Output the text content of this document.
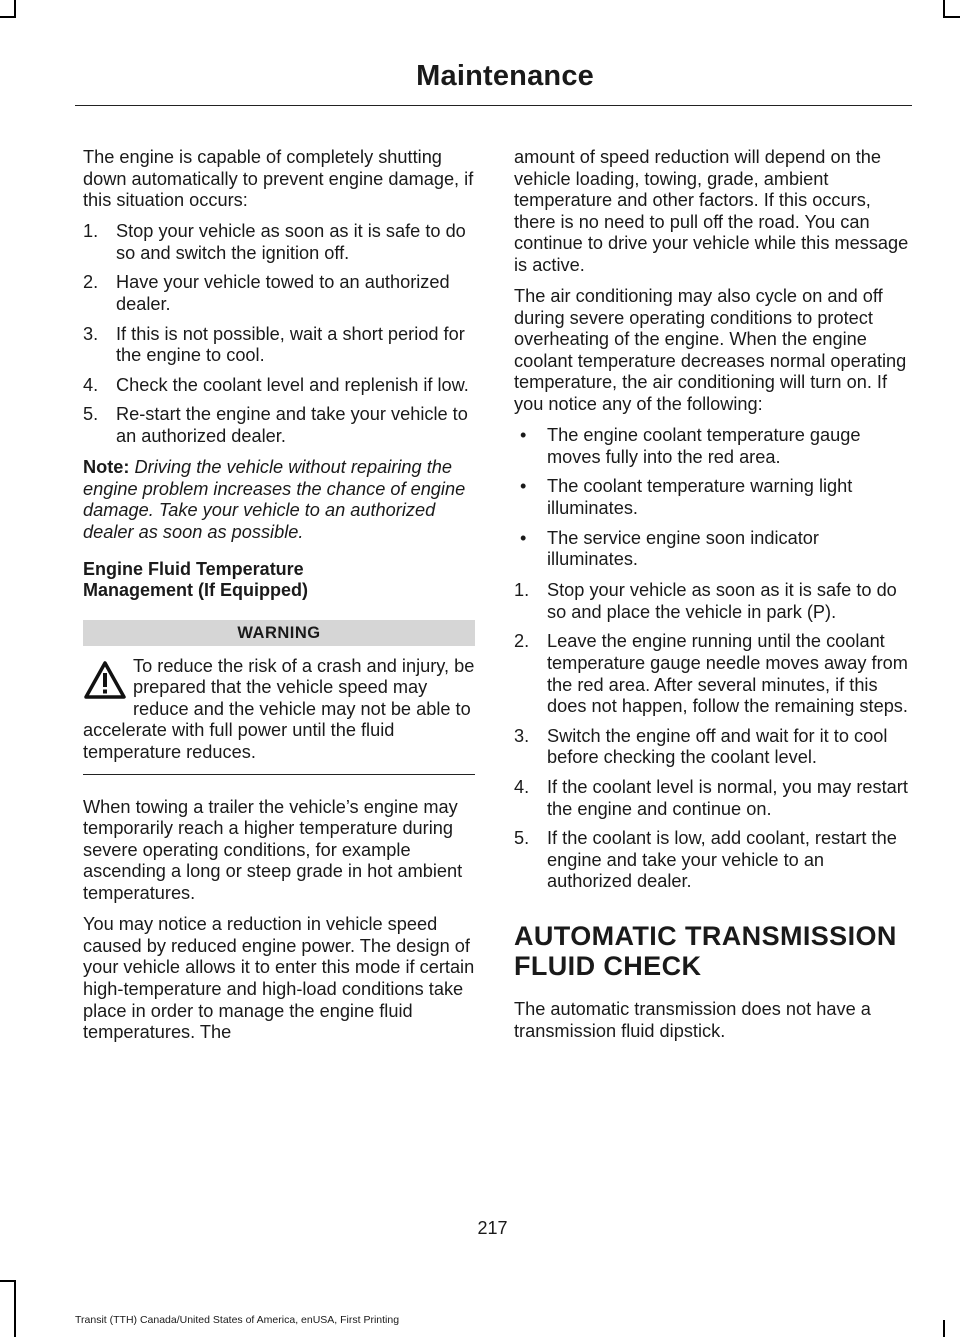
Maintenance

The engine is capable of completely shutting down automatically to prevent engine damage, if this situation occurs:

1. Stop your vehicle as soon as it is safe to do so and switch the ignition off.
2. Have your vehicle towed to an authorized dealer.
3. If this is not possible, wait a short period for the engine to cool.
4. Check the coolant level and replenish if low.
5. Re-start the engine and take your vehicle to an authorized dealer.

Note: Driving the vehicle without repairing the engine problem increases the chance of engine damage. Take your vehicle to an authorized dealer as soon as possible.

Engine Fluid Temperature
Management (If Equipped)
WARNING
To reduce the risk of a crash and injury, be prepared that the vehicle speed may reduce and the vehicle may not be able to accelerate with full power until the fluid temperature reduces.

When towing a trailer the vehicle’s engine may temporarily reach a higher temperature during severe operating conditions, for example ascending a long or steep grade in hot ambient temperatures.

You may notice a reduction in vehicle speed caused by reduced engine power. The design of your vehicle allows it to enter this mode if certain high-temperature and high-load conditions take place in order to manage the engine fluid temperatures. The

amount of speed reduction will depend on the vehicle loading, towing, grade, ambient temperature and other factors. If this occurs, there is no need to pull off the road. You can continue to drive your vehicle while this message is active.

The air conditioning may also cycle on and off during severe operating conditions to protect overheating of the engine. When the engine coolant temperature decreases normal operating temperature, the air conditioning will turn on. If you notice any of the following:

• The engine coolant temperature gauge moves fully into the red area.
• The coolant temperature warning light illuminates.
• The service engine soon indicator illuminates.
1. Stop your vehicle as soon as it is safe to do so and place the vehicle in park (P).
2. Leave the engine running until the coolant temperature gauge needle moves away from the red area. After several minutes, if this does not happen, follow the remaining steps.
3. Switch the engine off and wait for it to cool before checking the coolant level.
4. If the coolant level is normal, you may restart the engine and continue on.
5. If the coolant is low, add coolant, restart the engine and take your vehicle to an authorized dealer.
AUTOMATIC TRANSMISSION
FLUID CHECK

The automatic transmission does not have a transmission fluid dipstick.

217
Transit (TTH) Canada/United States of America, enUSA, First Printing
